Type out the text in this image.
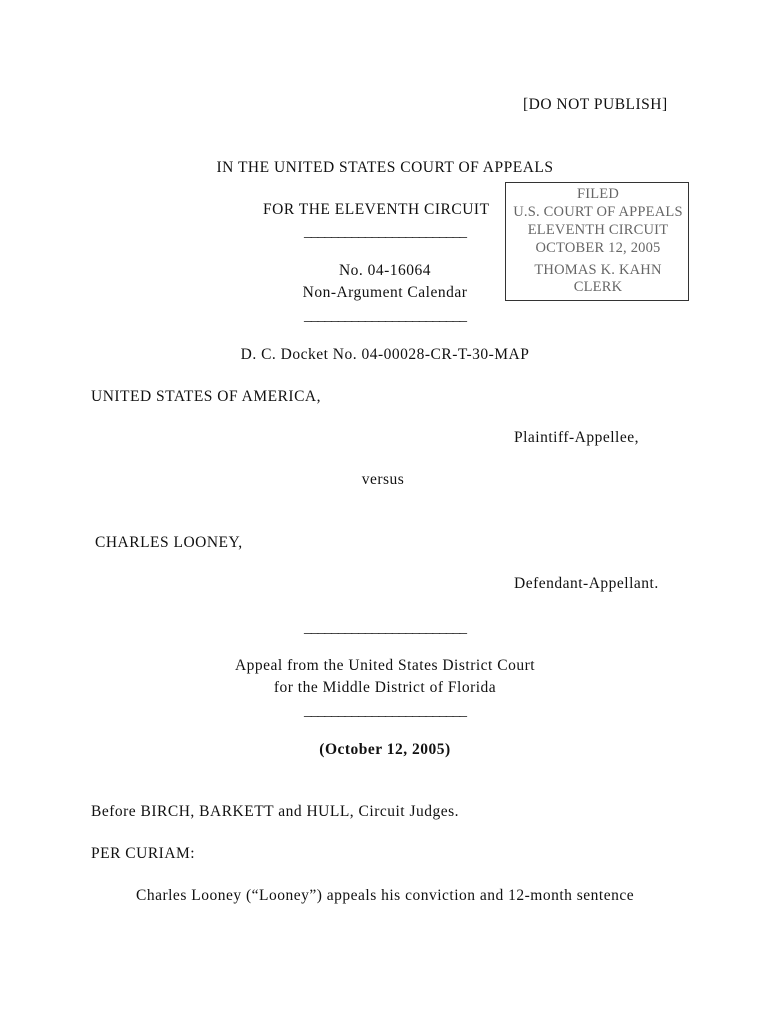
[DO NOT PUBLISH]
IN THE UNITED STATES COURT OF APPEALS
FOR THE ELEVENTH CIRCUIT
________________________
No. 04-16064
Non-Argument Calendar
________________________
D. C. Docket No. 04-00028-CR-T-30-MAP
FILED
U.S. COURT OF APPEALS
ELEVENTH CIRCUIT
OCTOBER 12, 2005
THOMAS K. KAHN
CLERK
UNITED STATES OF AMERICA,
Plaintiff-Appellee,
versus
CHARLES LOONEY,
Defendant-Appellant.
________________________
Appeal from the United States District Court
for the Middle District of Florida
________________________
(October 12, 2005)
Before BIRCH, BARKETT and HULL, Circuit Judges.
PER CURIAM:
Charles Looney (“Looney”) appeals his conviction and 12-month sentence
